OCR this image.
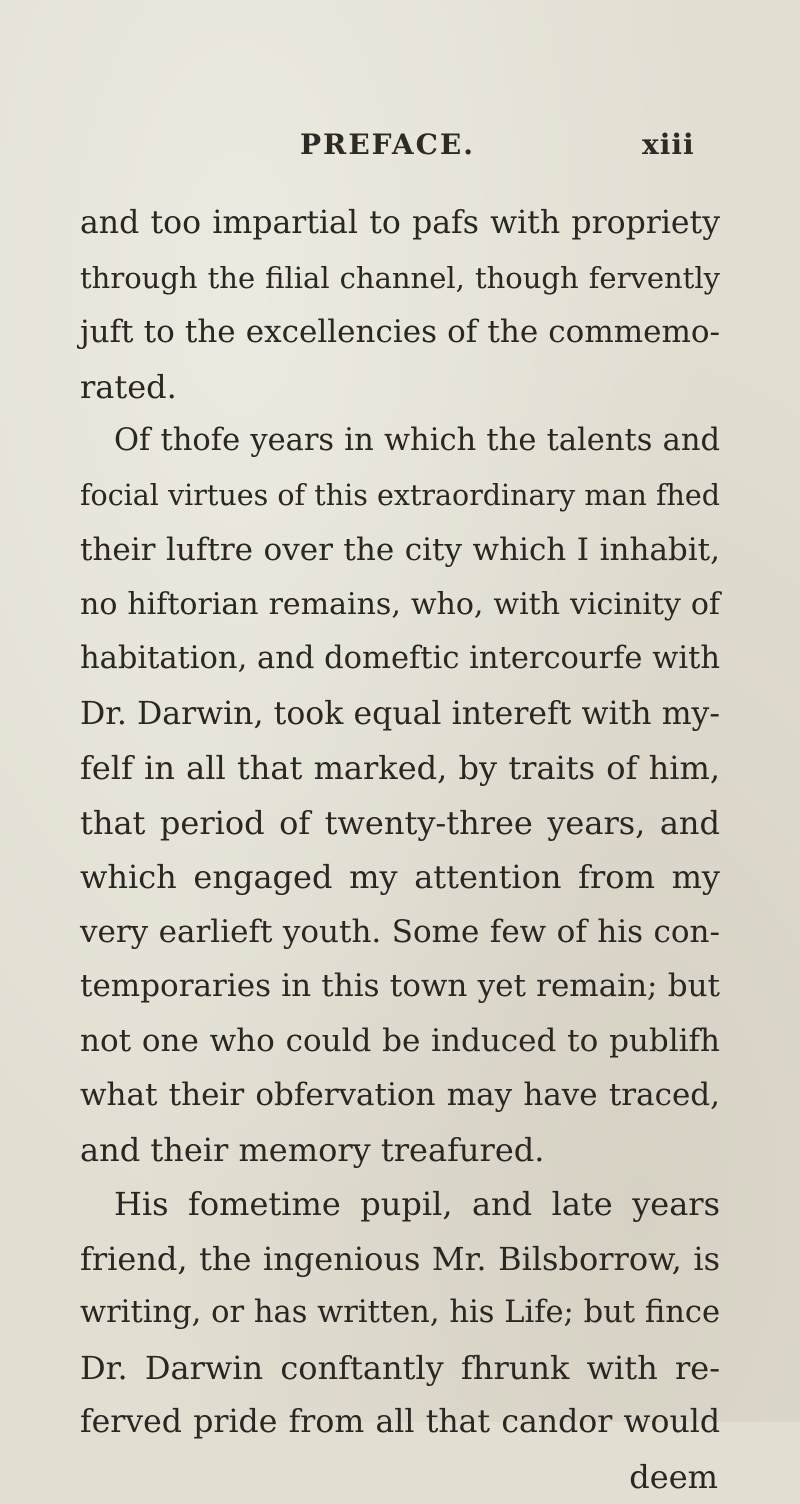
PREFACE.	xiii
and too impartial to pafs with propriety
through the filial channel, though fervently
juft to the excellencies of the commemo-
rated.
Of thofe years in which the talents and
focial virtues of this extraordinary man fhed
their luftre over the city which I inhabit,
no hiftorian remains, who, with vicinity of
habitation, and domeftic intercourfe with
Dr. Darwin, took equal intereft with my-
felf in all that marked, by traits of him,
that period of twenty-three years, and
which engaged my attention from my
very earlieft youth. Some few of his con-
temporaries in this town yet remain; but
not one who could be induced to publifh
what their obfervation may have traced,
and their memory treafured.
His fometime pupil, and late years
friend, the ingenious Mr. Bilsborrow, is
writing, or has written, his Life; but fince
Dr. Darwin conftantly fhrunk with re-
ferved pride from all that candor would
deem
